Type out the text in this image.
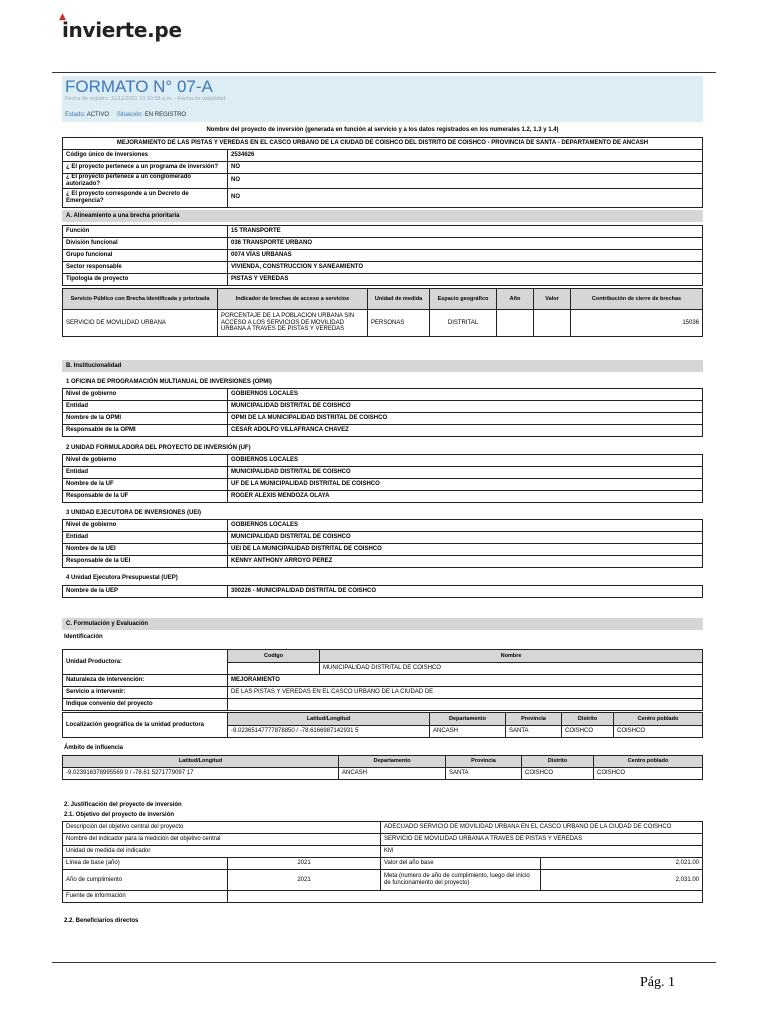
▲
invierte.pe
FORMATO N° 07-A
Fecha de registro: 11/11/2021 10:10:58 a.m. - Fecha de viabilidad:
Estado: ACTIVO Situación: EN REGISTRO
Nombre del proyecto de inversión (generada en función al servicio y a los datos registrados en los numerales 1.2, 1.3 y 1.4)
MEJORAMIENTO DE LAS PISTAS Y VEREDAS EN EL CASCO URBANO DE LA CIUDAD DE COISHCO DEL DISTRITO DE COISHCO - PROVINCIA DE SANTA - DEPARTAMENTO DE ANCASH	
Código único de inversiones	2534626
¿ El proyecto pertenece a un programa de inversión?	NO
¿ El proyecto pertenece a un conglomerado autorizado?	NO
¿ El proyecto corresponde a un Decreto de Emergencia?	NO
A. Alineamiento a una brecha prioritaria
Función	15 TRANSPORTE
División funcional	036 TRANSPORTE URBANO
Grupo funcional	0074 VÍAS URBANAS
Sector responsable	VIVIENDA, CONSTRUCCION Y SANEAMIENTO
Tipología de proyecto	PISTAS Y VEREDAS
Servicio Público con Brecha identificada y priorizada	Indicador de brechas de acceso a servicios	Unidad de medida	Espacio geográfico	Año	Valor	Contribución de cierre de brechas
SERVICIO DE MOVILIDAD URBANA	PORCENTAJE DE LA POBLACION URBANA SIN ACCESO A LOS SERVICIOS DE MOVILIDAD URBANA A TRAVES DE PISTAS Y VEREDAS	PERSONAS	DISTRITAL			15036
B. Institucionalidad
1 OFICINA DE PROGRAMACIÓN MULTIANUAL DE INVERSIONES (OPMI)
Nivel de gobierno	GOBIERNOS LOCALES
Entidad	MUNICIPALIDAD DISTRITAL DE COISHCO
Nombre de la OPMI	OPMI DE LA MUNICIPALIDAD DISTRITAL DE COISHCO
Responsable de la OPMI	CESAR ADOLFO VILLAFRANCA CHAVEZ
2 UNIDAD FORMULADORA DEL PROYECTO DE INVERSIÓN (UF)
Nivel de gobierno	GOBIERNOS LOCALES
Entidad	MUNICIPALIDAD DISTRITAL DE COISHCO
Nombre de la UF	UF DE LA MUNICIPALIDAD DISTRITAL DE COISHCO
Responsable de la UF	ROGER ALEXIS MENDOZA OLAYA
3 UNIDAD EJECUTORA DE INVERSIONES (UEI)
Nivel de gobierno	GOBIERNOS LOCALES
Entidad	MUNICIPALIDAD DISTRITAL DE COISHCO
Nombre de la UEI	UEI DE LA MUNICIPALIDAD DISTRITAL DE COISHCO
Responsable de la UEI	KENNY ANTHONY ARROYO PEREZ
4 Unidad Ejecutora Presupuestal (UEP)
Nombre de la UEP	300226 - MUNICIPALIDAD DISTRITAL DE COISHCO
C. Formulación y Evaluación
Identificación
Unidad Productora:	Codigo	Nombre
		MUNICIPALIDAD DISTRITAL DE COISHCO
Naturaleza de intervención:	MEJORAMIENTO	
Servicio a intervenir:	DE LAS PISTAS Y VEREDAS EN EL CASCO URBANO DE LA CIUDAD DE	
Indique convenio del proyecto		
Localización geográfica de la unidad productora	Latitud/Longitud	Departamento	Provincia	Distrito	Centro poblado
	-9.02365147777878850 / -78.6166987142931 5	ANCASH	SANTA	COISHCO	COISHCO
Ámbito de influencia
Latitud/Longitud	Departamento	Provincia	Distrito	Centro poblado
-9.023916378995569 0 / -78.61 5271779097 17	ANCASH	SANTA	COISHCO	COISHCO
2. Justificación del proyecto de inversión
2.1. Objetivo del proyecto de inversión
Descripción del objetivo central del proyecto		ADECUADO SERVICIO DE MOVILIDAD URBANA EN EL CASCO URBANO DE LA CIUDAD DE COISHCO	
Nombre del indicador para la medición del objetivo central		SERVICIO DE MOVILIDAD URBANA A TRAVES DE PISTAS Y VEREDAS	
Unidad de medida del indicador		KM	
Línea de base (año)	2021	Valor del año base	2,021.00
Año de cumplimiento	2021	Meta (numero de año de cumplimiento, luego del inicio de funcionamiento del proyecto)	2,031.00
Fuente de información			
2.2. Beneficiarios directos
Pág. 1
